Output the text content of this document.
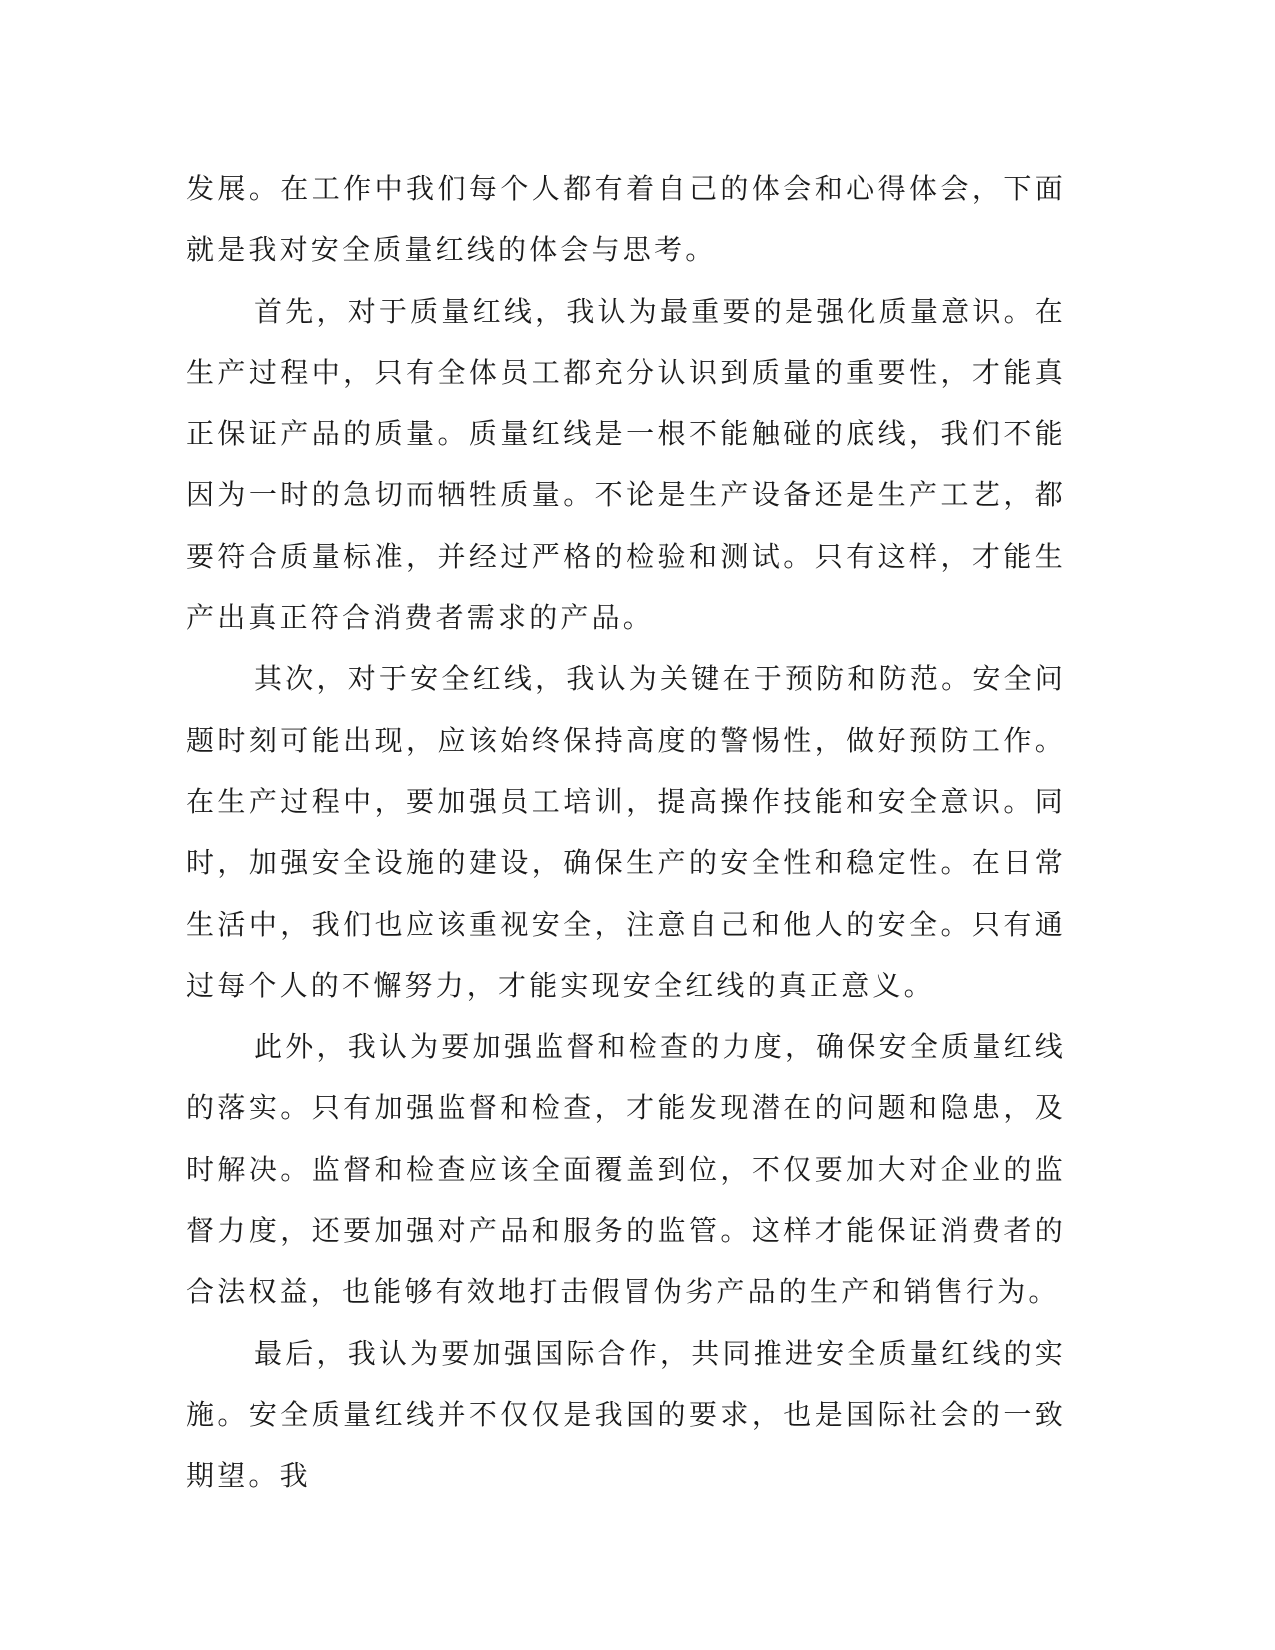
发展。在工作中我们每个人都有着自己的体会和心得体会，下面就是我对安全质量红线的体会与思考。

首先，对于质量红线，我认为最重要的是强化质量意识。在生产过程中，只有全体员工都充分认识到质量的重要性，才能真正保证产品的质量。质量红线是一根不能触碰的底线，我们不能因为一时的急切而牺牲质量。不论是生产设备还是生产工艺，都要符合质量标准，并经过严格的检验和测试。只有这样，才能生产出真正符合消费者需求的产品。

其次，对于安全红线，我认为关键在于预防和防范。安全问题时刻可能出现，应该始终保持高度的警惕性，做好预防工作。在生产过程中，要加强员工培训，提高操作技能和安全意识。同时，加强安全设施的建设，确保生产的安全性和稳定性。在日常生活中，我们也应该重视安全，注意自己和他人的安全。只有通过每个人的不懈努力，才能实现安全红线的真正意义。

此外，我认为要加强监督和检查的力度，确保安全质量红线的落实。只有加强监督和检查，才能发现潜在的问题和隐患，及时解决。监督和检查应该全面覆盖到位，不仅要加大对企业的监督力度，还要加强对产品和服务的监管。这样才能保证消费者的合法权益，也能够有效地打击假冒伪劣产品的生产和销售行为。

最后，我认为要加强国际合作，共同推进安全质量红线的实施。安全质量红线并不仅仅是我国的要求，也是国际社会的一致期望。我
